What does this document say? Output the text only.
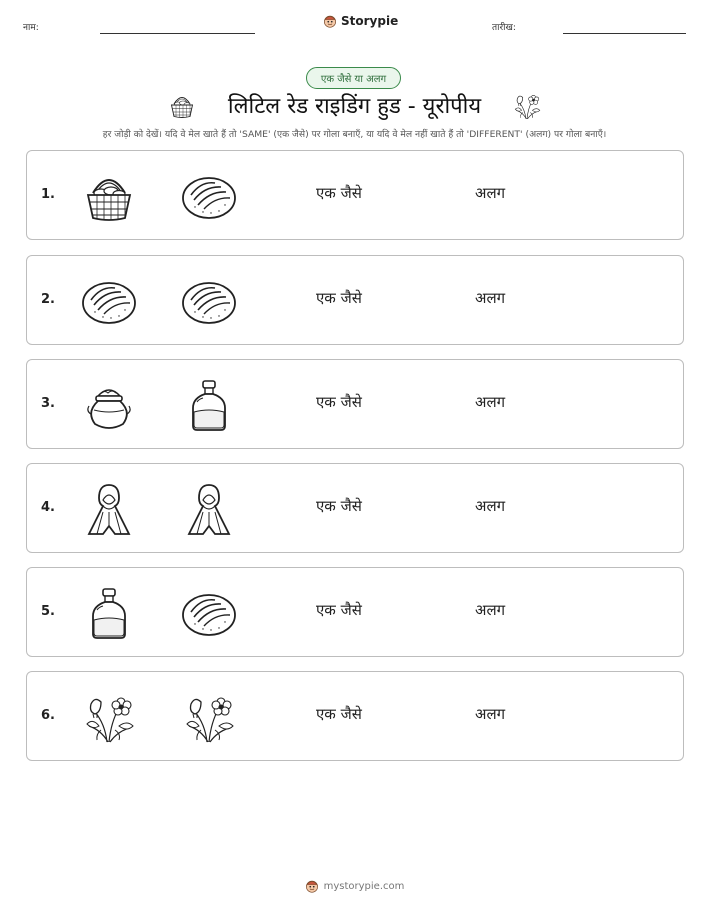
नाम:	Storypie	तारीख:
एक जैसे या अलग
लिटिल रेड राइडिंग हुड - यूरोपीय
हर जोड़ी को देखें। यदि वे मेल खाते हैं तो 'SAME' (एक जैसे) पर गोला बनाएँ, या यदि वे मेल नहीं खाते हैं तो 'DIFFERENT' (अलग) पर गोला बनाएँ।
1.	एक जैसे	अलग
2.	एक जैसे	अलग
3.	एक जैसे	अलग
4.	एक जैसे	अलग
5.	एक जैसे	अलग
6.	एक जैसे	अलग
mystorypie.com
